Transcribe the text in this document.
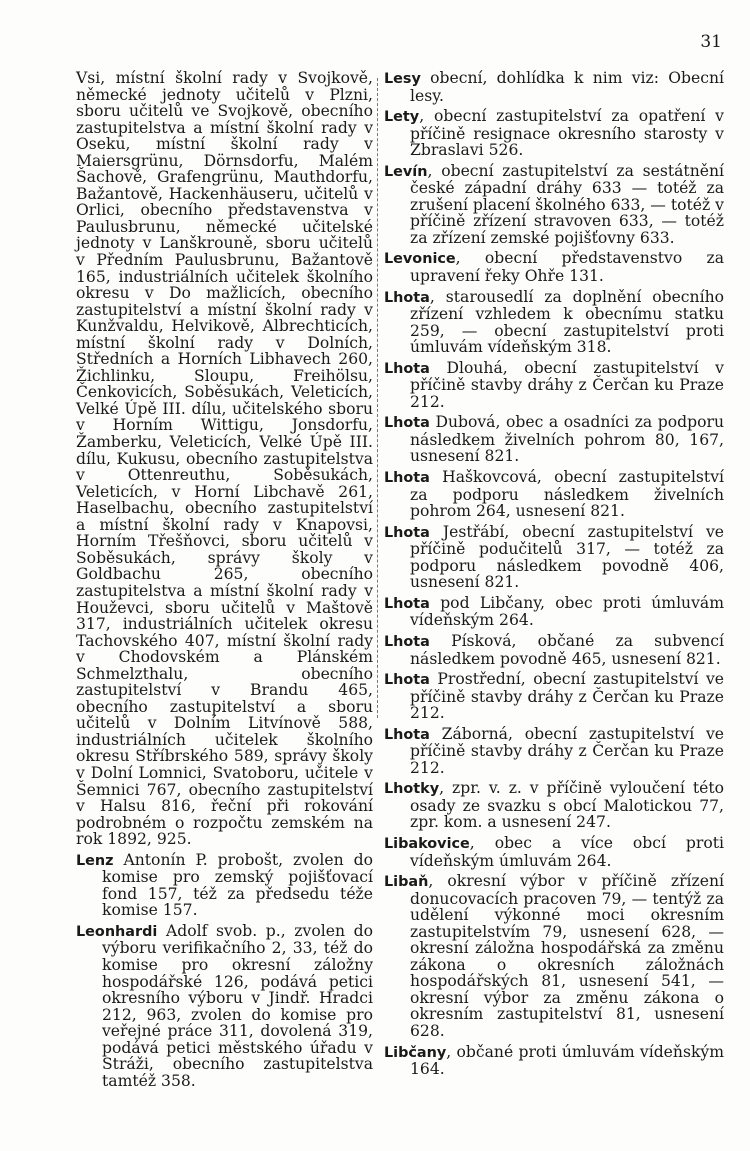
31

Vsi, místní školní rady v Svojkově, německé jednoty učitelů v Plzni, sboru učitelů ve Svojkově, obecního zastupitelstva a místní školní rady v Oseku, místní školní rady v Maiersgrünu, Dörnsdorfu, Malém Šachově, Grafengrünu, Mauthdorfu, Bažantově, Hackenhäuseru, učitelů v Orlici, obecního představenstva v Paulusbrunu, německé učitelské jednoty v Lanškrouně, sboru učitelů v Předním Paulusbrunu, Bažantově 165, industriálních učitelek školního okresu v Do mažlicích, obecního zastupitelství a místní školní rady v Kunžvaldu, Helvikově, Albrechticích, místní školní rady v Dolních, Středních a Horních Libhavech 260, Žichlinku, Sloupu, Freihölsu, Čenkovicích, Soběsukách, Veleticích, Velké Úpě III. dílu, učitelského sboru v Horním Wittigu, Jonsdorfu, Žamberku, Veleticích, Velké Úpě III. dílu, Kukusu, obecního zastupitelstva v Ottenreuthu, Soběsukách, Veleticích, v Horní Libchavě 261, Haselbachu, obecního zastupitelství a místní školní rady v Knapovsi, Horním Třešňovci, sboru učitelů v Soběsukách, správy školy v Goldbachu 265, obecního zastupitelstva a místní školní rady v Houževci, sboru učitelů v Maštově 317, industriálních učitelek okresu Tachovského 407, místní školní rady v Chodovském a Plánském Schmelzthalu, obecního zastupitelství v Brandu 465, obecního zastupitelství a sboru učitelů v Dolním Litvínově 588, industriálních učitelek školního okresu Stříbrského 589, správy školy v Dolní Lomnici, Svatoboru, učitele v Šemnici 767, obecního zastupitelství v Halsu 816, řeční při rokování podrobném o rozpočtu zemském na rok 1892, 925.

Lenz Antonín P. probošt, zvolen do komise pro zemský pojišťovací fond 157, též za předsedu téže komise 157.

Leonhardi Adolf svob. p., zvolen do výboru verifikačního 2, 33, též do komise pro okresní záložny hospodářské 126, podává petici okresního výboru v Jindř. Hradci 212, 963, zvolen do komise pro veřejné práce 311, dovolená 319, podává petici městského úřadu v Stráži, obecního zastupitelstva tamtéž 358.

Lesy obecní, dohlídka k nim viz: Obecní lesy.

Lety, obecní zastupitelství za opatření v příčině resignace okresního starosty v Zbraslavi 526.

Levín, obecní zastupitelství za sestátnění české západní dráhy 633 — totéž za zrušení placení školného 633, — totéž v příčině zřízení stravoven 633, — totéž za zřízení zemské pojišťovny 633.

Levonice, obecní představenstvo za upravení řeky Ohře 131.

Lhota, starousedlí za doplnění obecního zřízení vzhledem k obecnímu statku 259, — obecní zastupitelství proti úmluvám vídeňským 318.

Lhota Dlouhá, obecní zastupitelství v příčině stavby dráhy z Čerčan ku Praze 212.

Lhota Dubová, obec a osadníci za podporu následkem živelních pohrom 80, 167, usnesení 821.

Lhota Haškovcová, obecní zastupitelství za podporu následkem živelních pohrom 264, usnesení 821.

Lhota Jestřábí, obecní zastupitelství ve příčině podučitelů 317, — totéž za podporu následkem povodně 406, usnesení 821.

Lhota pod Libčany, obec proti úmluvám vídeňským 264.

Lhota Písková, občané za subvencí následkem povodně 465, usnesení 821.

Lhota Prostřední, obecní zastupitelství ve příčině stavby dráhy z Čerčan ku Praze 212.

Lhota Záborná, obecní zastupitelství ve příčině stavby dráhy z Čerčan ku Praze 212.

Lhotky, zpr. v. z. v příčině vyloučení této osady ze svazku s obcí Malotickou 77, zpr. kom. a usnesení 247.

Libakovice, obec a více obcí proti vídeňským úmluvám 264.

Libaň, okresní výbor v příčině zřízení donucovacích pracoven 79, — tentýž za udělení výkonné moci okresním zastupitelstvím 79, usnesení 628, — okresní záložna hospodářská za změnu zákona o okresních záložnách hospodářských 81, usnesení 541, — okresní výbor za změnu zákona o okresním zastupitelství 81, usnesení 628.

Libčany, občané proti úmluvám vídeňským 164.
